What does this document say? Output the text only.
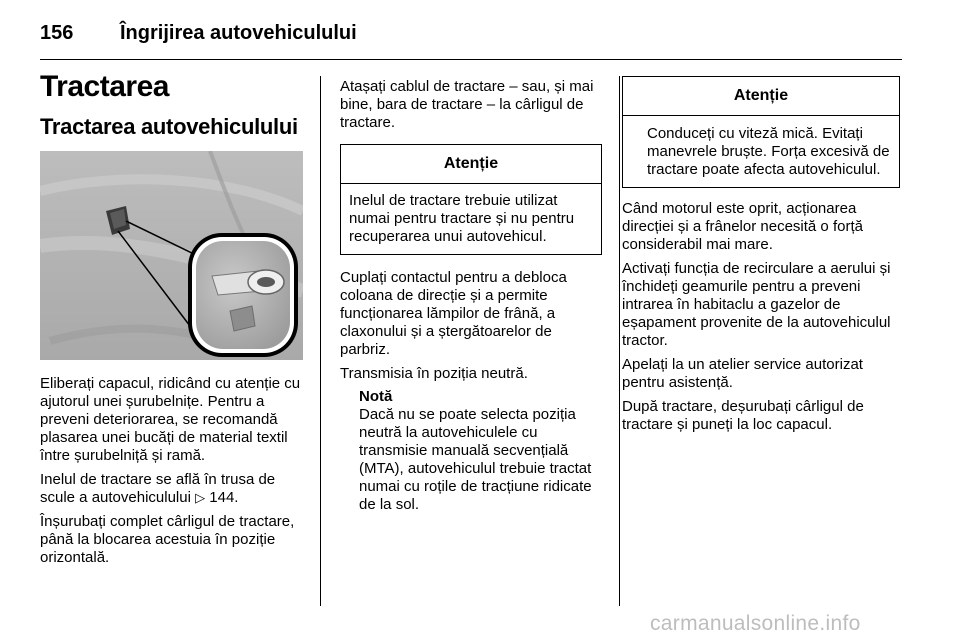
156 Îngrijirea autovehiculului
Tractarea
Tractarea autovehiculului

Eliberați capacul, ridicând cu atenție cu ajutorul unei șurubelnițe. Pentru a preveni deteriorarea, se recomandă plasarea unei bucăți de material textil între șurubelniță și ramă.

Inelul de tractare se află în trusa de scule a autovehiculului ▷ 144.

Înșurubați complet cârligul de tractare, până la blocarea acestuia în poziție orizontală.

Atașați cablul de tractare – sau, și mai bine, bara de tractare – la cârligul de tractare.

Atenție
Inelul de tractare trebuie utilizat numai pentru tractare și nu pentru recuperarea unui autovehicul.

Cuplați contactul pentru a debloca coloana de direcție și a permite funcționarea lămpilor de frână, a claxonului și a ștergătoarelor de parbriz.

Transmisia în poziția neutră.

Notă

Dacă nu se poate selecta poziția neutră la autovehiculele cu transmisie manuală secvențială (MTA), autovehiculul trebuie tractat numai cu roțile de tracțiune ridicate de la sol.

Atenție
Conduceți cu viteză mică. Evitați manevrele bruște. Forța excesivă de tractare poate afecta autovehiculul.

Când motorul este oprit, acționarea direcției și a frânelor necesită o forță considerabil mai mare.

Activați funcția de recirculare a aerului și închideți geamurile pentru a preveni intrarea în habitaclu a gazelor de eșapament provenite de la autovehiculul tractor.

Apelați la un atelier service autorizat pentru asistență.

După tractare, deșurubați cârligul de tractare și puneți la loc capacul.

carmanualsonline.info
